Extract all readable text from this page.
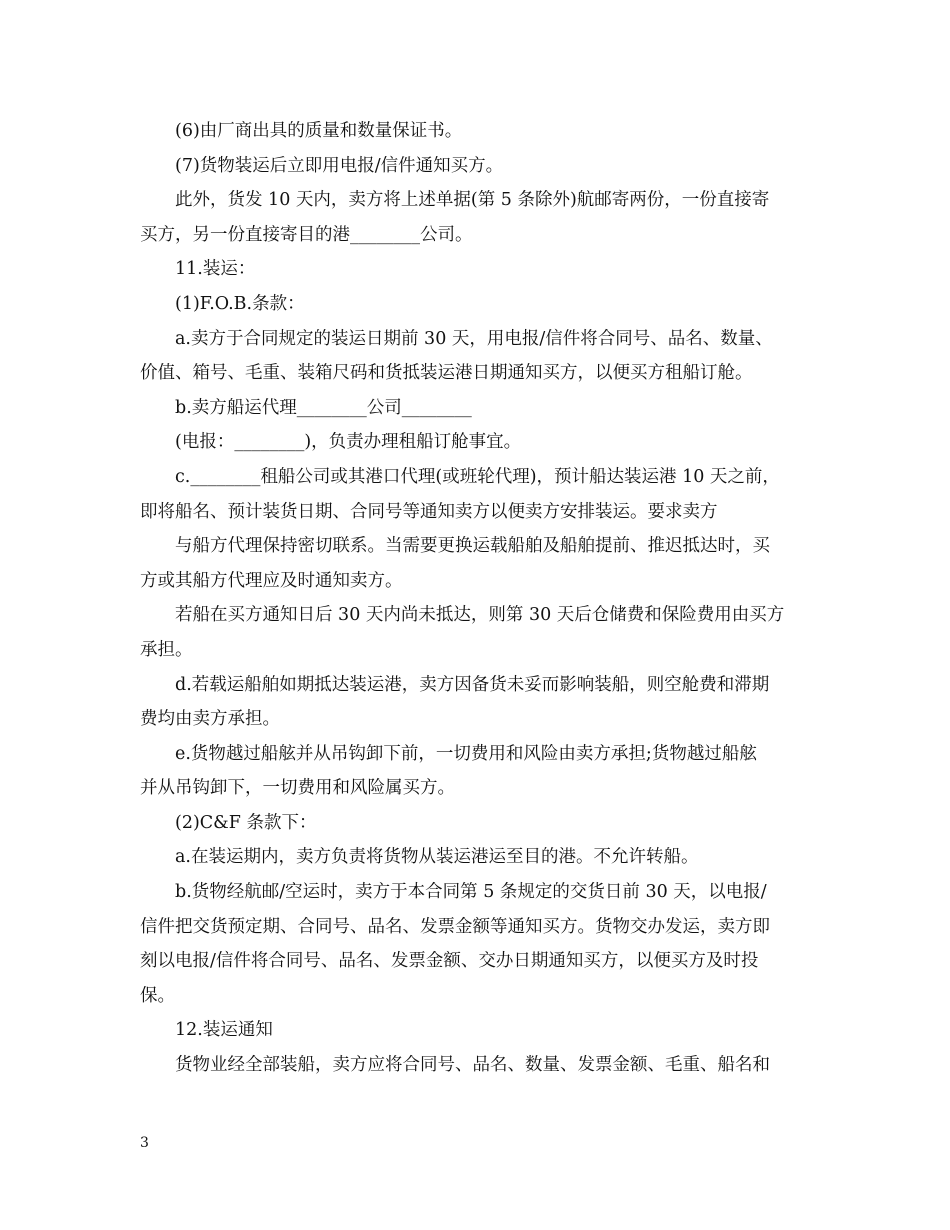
(6)由厂商出具的质量和数量保证书。
(7)货物装运后立即用电报/信件通知买方。
此外，货发 10 天内，卖方将上述单据(第 5 条除外)航邮寄两份，一份直接寄
买方，另一份直接寄目的港________公司。
11.装运：
(1)F.O.B.条款：
a.卖方于合同规定的装运日期前 30 天，用电报/信件将合同号、品名、数量、
价值、箱号、毛重、装箱尺码和货抵装运港日期通知买方，以便买方租船订舱。
b.卖方船运代理________公司________
(电报：________)，负责办理租船订舱事宜。
c.________租船公司或其港口代理(或班轮代理)，预计船达装运港 10 天之前，
即将船名、预计装货日期、合同号等通知卖方以便卖方安排装运。要求卖方
与船方代理保持密切联系。当需要更换运载船舶及船舶提前、推迟抵达时，买
方或其船方代理应及时通知卖方。
若船在买方通知日后 30 天内尚未抵达，则第 30 天后仓储费和保险费用由买方
承担。
d.若载运船舶如期抵达装运港，卖方因备货未妥而影响装船，则空舱费和滞期
费均由卖方承担。
e.货物越过船舷并从吊钩卸下前，一切费用和风险由卖方承担;货物越过船舷
并从吊钩卸下，一切费用和风险属买方。
(2)C&F 条款下：
a.在装运期内，卖方负责将货物从装运港运至目的港。不允许转船。
b.货物经航邮/空运时，卖方于本合同第 5 条规定的交货日前 30 天，以电报/
信件把交货预定期、合同号、品名、发票金额等通知买方。货物交办发运，卖方即
刻以电报/信件将合同号、品名、发票金额、交办日期通知买方，以便买方及时投
保。
12.装运通知
货物业经全部装船，卖方应将合同号、品名、数量、发票金额、毛重、船名和
3
